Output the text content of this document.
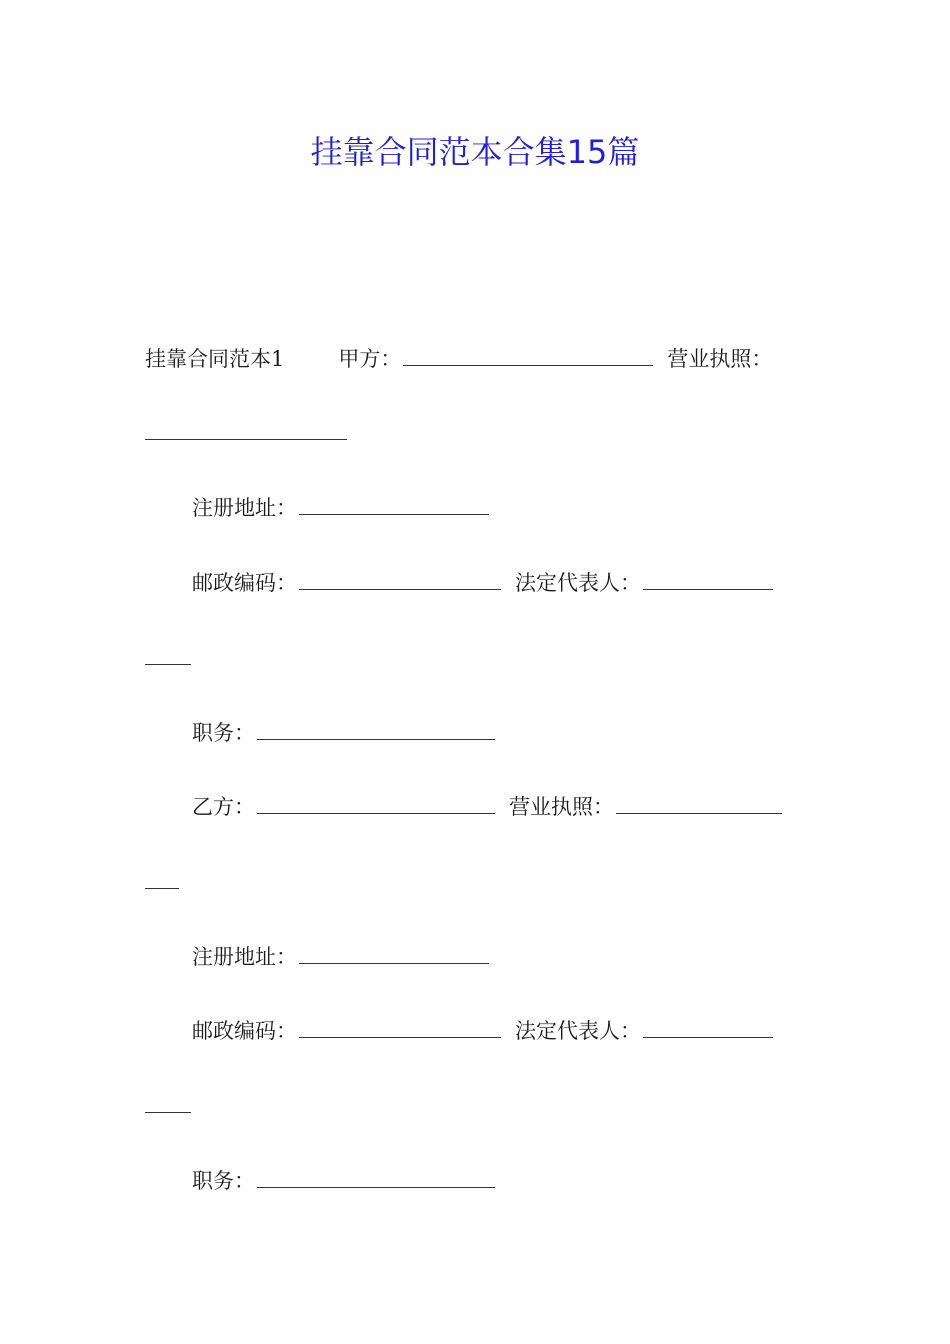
挂靠合同范本合集15篇
挂靠合同范本1	甲方：	营业执照：
注册地址：
邮政编码：	法定代表人：
职务：
乙方：	营业执照：
注册地址：
邮政编码：	法定代表人：
职务：
